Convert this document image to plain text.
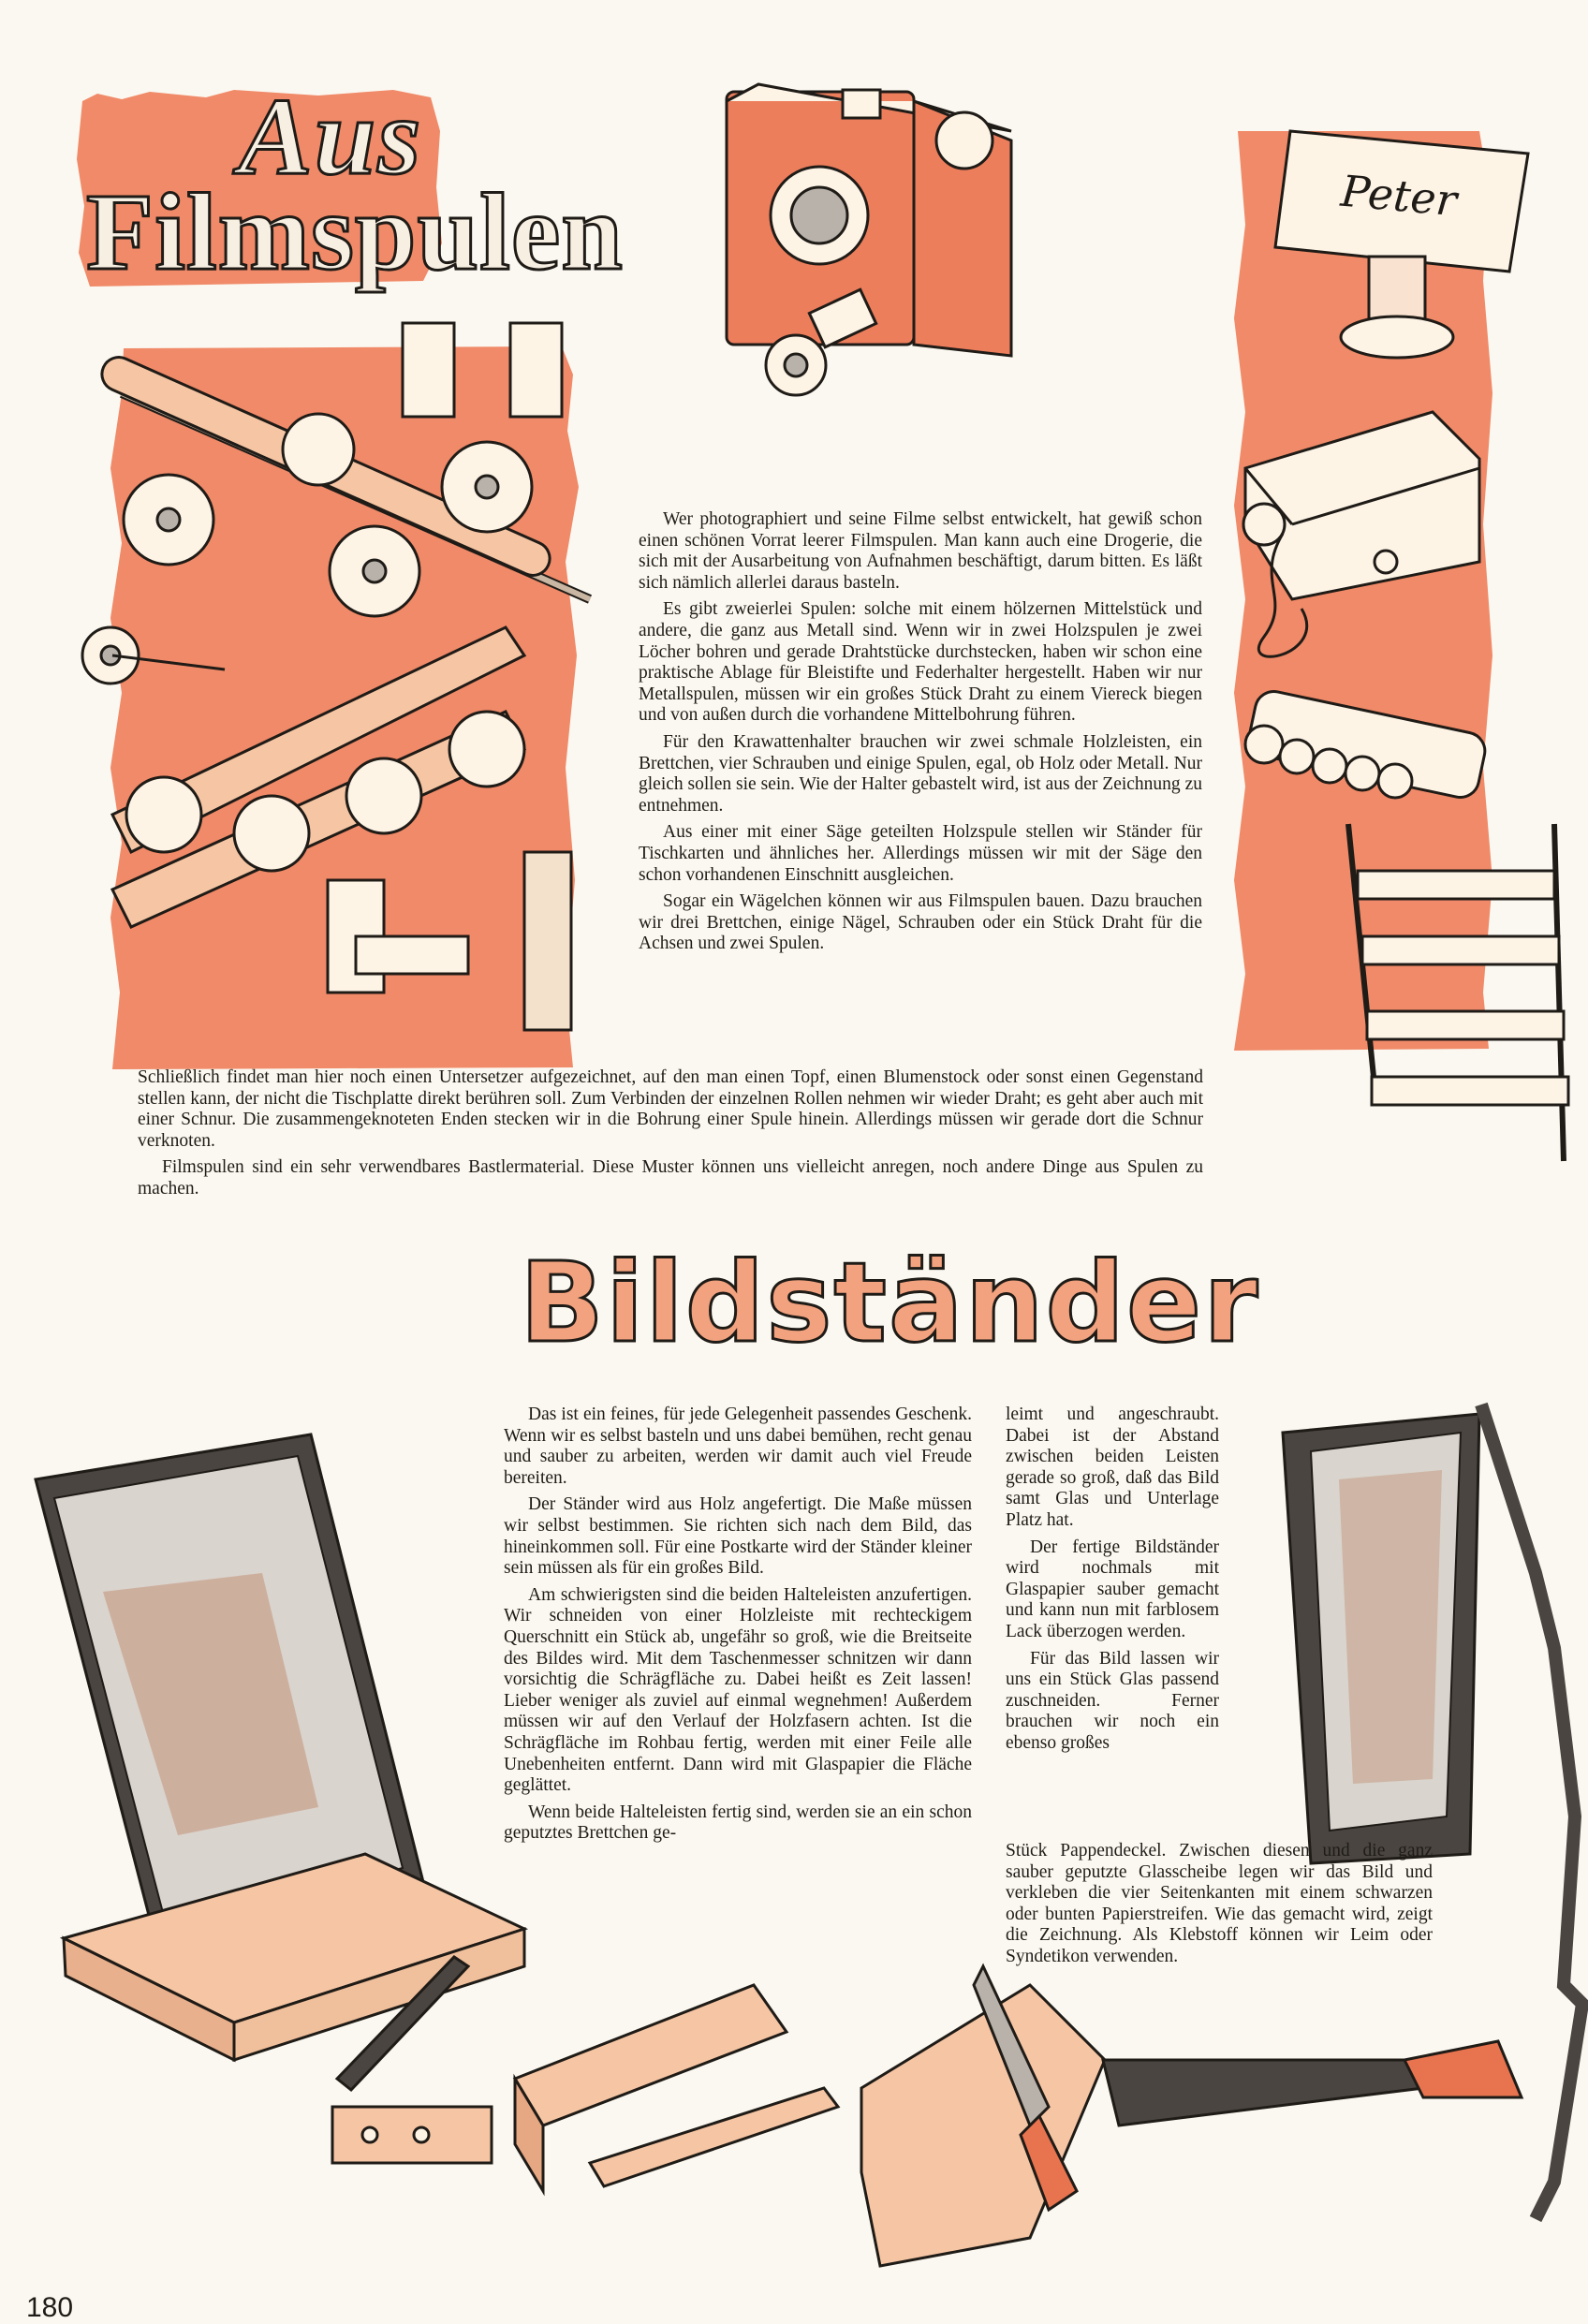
Aus
Filmspulen	Peter
Bildständer

Wer photographiert und seine Filme selbst entwickelt, hat gewiß schon einen schönen Vorrat leerer Filmspulen. Man kann auch eine Drogerie, die sich mit der Ausarbeitung von Aufnahmen beschäftigt, darum bitten. Es läßt sich nämlich allerlei daraus basteln.

Es gibt zweierlei Spulen: solche mit einem hölzernen Mittelstück und andere, die ganz aus Metall sind. Wenn wir in zwei Holzspulen je zwei Löcher bohren und gerade Drahtstücke durchstecken, haben wir schon eine praktische Ablage für Bleistifte und Federhalter hergestellt. Haben wir nur Metallspulen, müssen wir ein großes Stück Draht zu einem Viereck biegen und von außen durch die vorhandene Mittelbohrung führen.

Für den Krawattenhalter brauchen wir zwei schmale Holzleisten, ein Brettchen, vier Schrauben und einige Spulen, egal, ob Holz oder Metall. Nur gleich sollen sie sein. Wie der Halter gebastelt wird, ist aus der Zeichnung zu entnehmen.

Aus einer mit einer Säge geteilten Holzspule stellen wir Ständer für Tischkarten und ähnliches her. Allerdings müssen wir mit der Säge den schon vorhandenen Einschnitt ausgleichen.

Sogar ein Wägelchen können wir aus Filmspulen bauen. Dazu brauchen wir drei Brettchen, einige Nägel, Schrauben oder ein Stück Draht für die Achsen und zwei Spulen.

Schließlich findet man hier noch einen Untersetzer aufgezeichnet, auf den man einen Topf, einen Blumenstock oder sonst einen Gegenstand stellen kann, der nicht die Tischplatte direkt berühren soll. Zum Verbinden der einzelnen Rollen nehmen wir wieder Draht; es geht aber auch mit einer Schnur. Die zusammengeknoteten Enden stecken wir in die Bohrung einer Spule hinein. Allerdings müssen wir gerade dort die Schnur verknoten.

Filmspulen sind ein sehr verwendbares Bastlermaterial. Diese Muster können uns vielleicht anregen, noch andere Dinge aus Spulen zu machen.

Das ist ein feines, für jede Gelegenheit passendes Geschenk. Wenn wir es selbst basteln und uns dabei bemühen, recht genau und sauber zu arbeiten, werden wir damit auch viel Freude bereiten.

Der Ständer wird aus Holz angefertigt. Die Maße müssen wir selbst bestimmen. Sie richten sich nach dem Bild, das hineinkommen soll. Für eine Postkarte wird der Ständer kleiner sein müssen als für ein großes Bild.

Am schwierigsten sind die beiden Halteleisten anzufertigen. Wir schneiden von einer Holzleiste mit rechteckigem Querschnitt ein Stück ab, ungefähr so groß, wie die Breitseite des Bildes wird. Mit dem Taschenmesser schnitzen wir dann vorsichtig die Schrägfläche zu. Dabei heißt es Zeit lassen! Lieber weniger als zuviel auf einmal wegnehmen! Außerdem müssen wir auf den Verlauf der Holzfasern achten. Ist die Schrägfläche im Rohbau fertig, werden mit einer Feile alle Unebenheiten entfernt. Dann wird mit Glaspapier die Fläche geglättet.

Wenn beide Halteleisten fertig sind, werden sie an ein schon geputztes Brettchen ge-

leimt und angeschraubt. Dabei ist der Abstand zwischen beiden Leisten gerade so groß, daß das Bild samt Glas und Unterlage Platz hat.

Der fertige Bildständer wird nochmals mit Glaspapier sauber gemacht und kann nun mit farblosem Lack überzogen werden.

Für das Bild lassen wir uns ein Stück Glas passend zuschneiden. Ferner brauchen wir noch ein ebenso großes

Stück Pappendeckel. Zwischen diesen und die ganz sauber geputzte Glasscheibe legen wir das Bild und verkleben die vier Seitenkanten mit einem schwarzen oder bunten Papierstreifen. Wie das gemacht wird, zeigt die Zeichnung. Als Klebstoff können wir Leim oder Syndetikon verwenden.

180
